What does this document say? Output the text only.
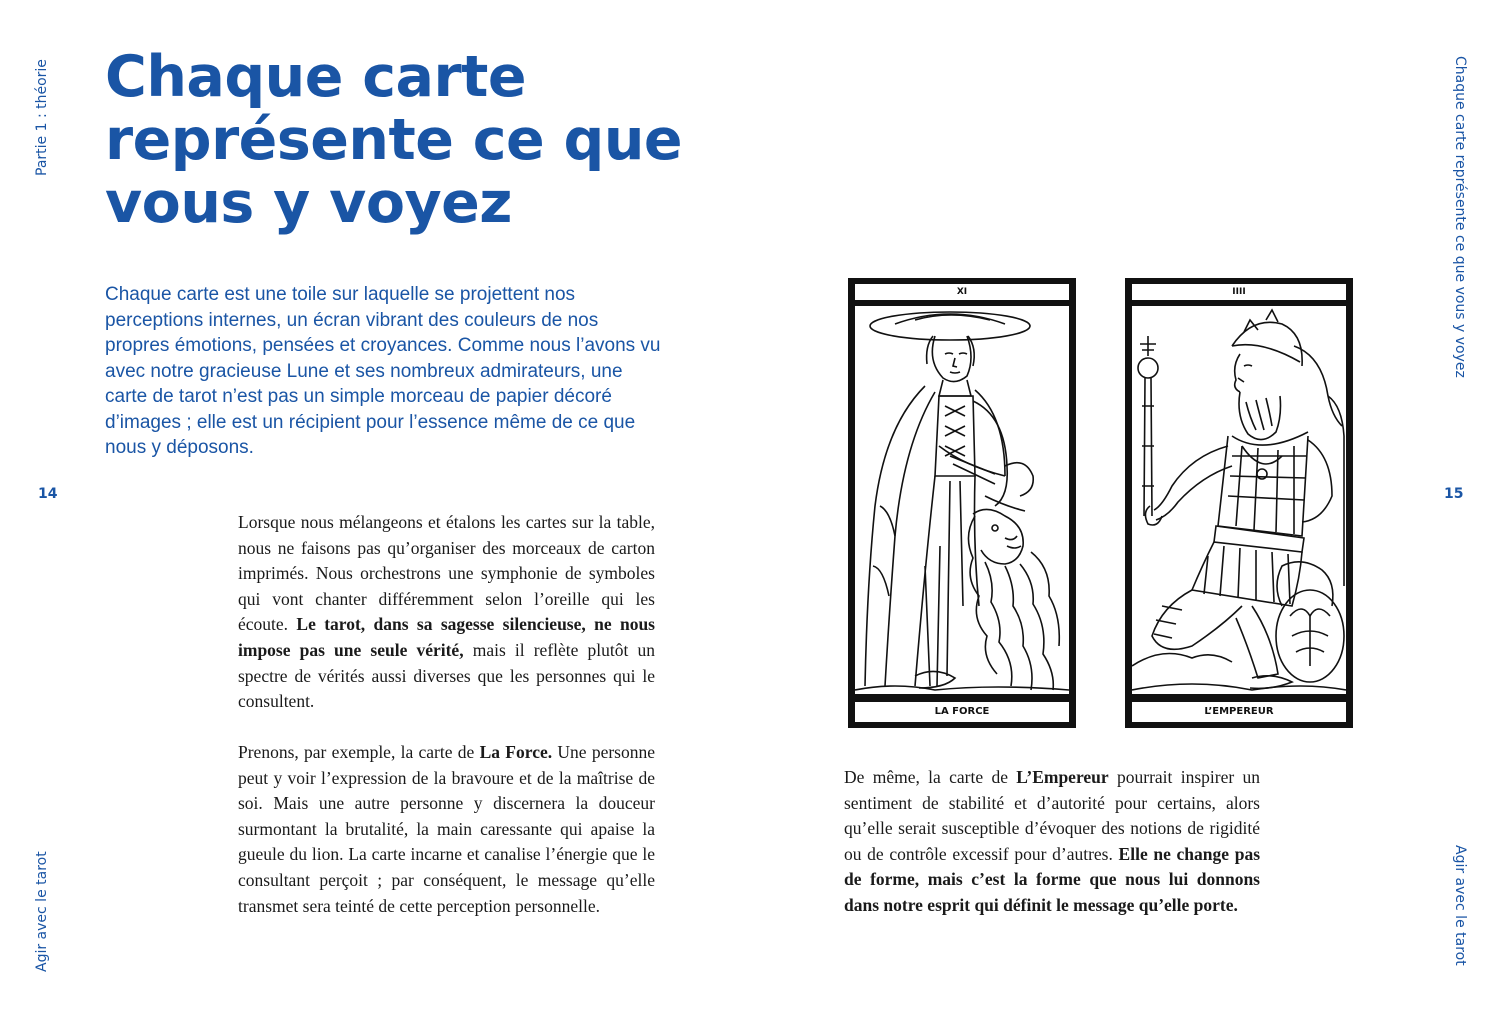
Partie 1 : théorie
Agir avec le tarot
14
Chaque carte représente ce que vous y voyez

Chaque carte est une toile sur laquelle se projettent nos perceptions internes, un écran vibrant des couleurs de nos propres émotions, pensées et croyances. Comme nous l’avons vu avec notre gracieuse Lune et ses nombreux admirateurs, une carte de tarot n’est pas un simple morceau de papier décoré d’images ; elle est un récipient pour l’essence même de ce que nous y déposons.

Lorsque nous mélangeons et étalons les cartes sur la table, nous ne faisons pas qu’organiser des morceaux de carton imprimés. Nous orchestrons une symphonie de symboles qui vont chanter différemment selon l’oreille qui les écoute. Le tarot, dans sa sagesse silencieuse, ne nous impose pas une seule vérité, mais il reflète plutôt un spectre de vérités aussi diverses que les personnes qui le consultent.

Prenons, par exemple, la carte de La Force. Une personne peut y voir l’expression de la bravoure et de la maîtrise de soi. Mais une autre personne y discernera la douceur surmontant la brutalité, la main caressante qui apaise la gueule du lion. La carte incarne et canalise l’énergie que le consultant perçoit ; par conséquent, le message qu’elle transmet sera teinté de cette perception personnelle.

Chaque carte représente ce que vous y voyez
Agir avec le tarot
15
XI
LA FORCE
IIII
L’EMPEREUR

De même, la carte de L’Empereur pourrait inspirer un sentiment de stabilité et d’autorité pour certains, alors qu’elle serait susceptible d’évoquer des notions de rigidité ou de contrôle excessif pour d’autres. Elle ne change pas de forme, mais c’est la forme que nous lui donnons dans notre esprit qui définit le message qu’elle porte.
